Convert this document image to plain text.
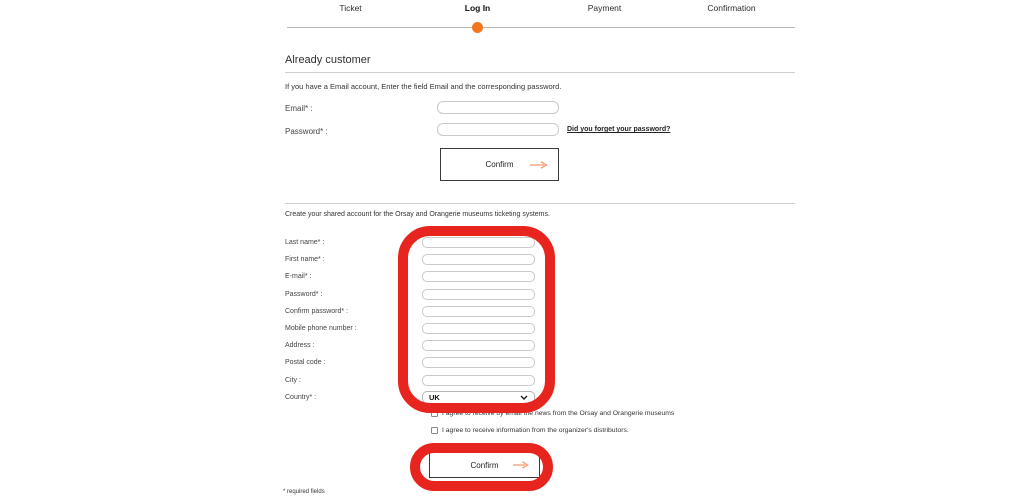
Ticket	Log In	Payment	Confirmation
Already customer
If you have a Email account, Enter the field Email and the corresponding password.
Email* :
Password* :	Did you forget your password?
Confirm
Create your shared account for the Orsay and Orangerie museums ticketing systems.
Last name* :
First name* :
E-mail* :
Password* :
Confirm password* :
Mobile phone number :
Address :
Postal code :
City :
Country* :	UK
I agree to receive by email the news from the Orsay and Orangerie museums
I agree to receive information from the organizer's distributors.
Confirm
* required fields
